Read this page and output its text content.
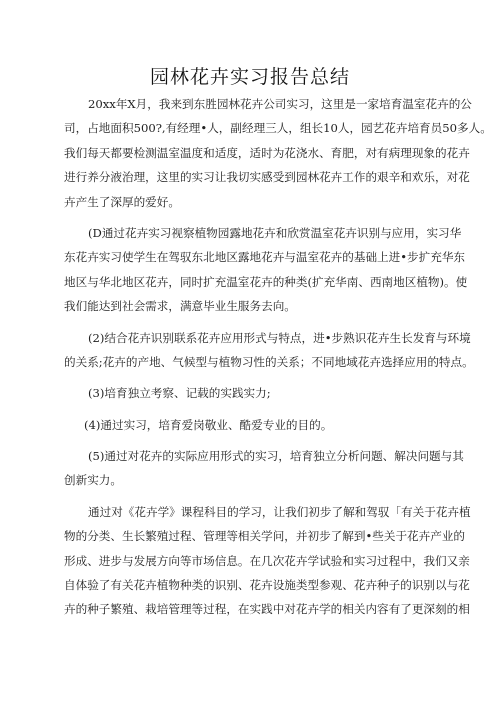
园林花卉实习报告总结
20xx年X月，我来到东胜园林花卉公司实习，这里是一家培育温室花卉的公
司，占地面积500?,有经理•人，副经理三人，组长10人，园艺花卉培育员50多人。
我们每天都要检测温室温度和适度，适时为花浇水、育肥，对有病理现象的花卉
进行养分液治理，这里的实习让我切实感受到园林花卉工作的艰辛和欢乐，对花
卉产生了深厚的爱好。
(D通过花卉实习视察植物园露地花卉和欣赏温室花卉识别与应用，实习华
东花卉实习使学生在驾驭东北地区露地花卉与温室花卉的基础上进•步扩充华东
地区与华北地区花卉，同时扩充温室花卉的种类(扩充华南、西南地区植物)。使
我们能达到社会需求，满意毕业生服务去向。
(2)结合花卉识别联系花卉应用形式与特点，进•步熟识花卉生长发育与环境
的关系;花卉的产地、气候型与植物习性的关系；不同地域花卉选择应用的特点。
(3)培育独立考察、记载的实践实力;
(4)通过实习，培育爱岗敬业、酷爱专业的目的。
(5)通过对花卉的实际应用形式的实习，培育独立分析问题、解决问题与其
创新实力。
通过对《花卉学》课程科目的学习，让我们初步了解和驾驭「有关于花卉植
物的分类、生长繁殖过程、管理等相关学问，并初步了解到•些关于花卉产业的
形成、进步与发展方向等市场信息。在几次花卉学试验和实习过程中，我们又亲
自体验了有关花卉植物种类的识别、花卉设施类型参观、花卉种子的识别以与花
卉的种子繁殖、栽培管理等过程，在实践中对花卉学的相关内容有了更深刻的相
